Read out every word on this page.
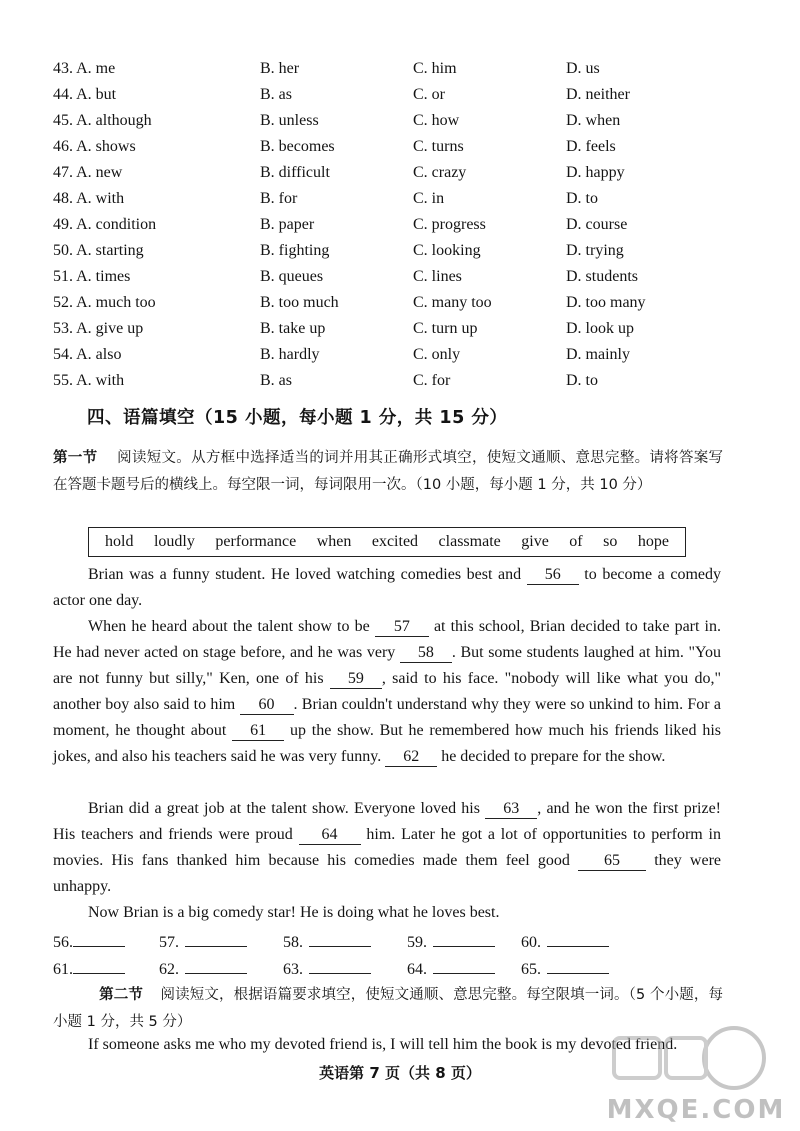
43. A. me	B. her	C. him	D. us
44. A. but	B. as	C. or	D. neither
45. A. although	B. unless	C. how	D. when
46. A. shows	B. becomes	C. turns	D. feels
47. A. new	B. difficult	C. crazy	D. happy
48. A. with	B. for	C. in	D. to
49. A. condition	B. paper	C. progress	D. course
50. A. starting	B. fighting	C. looking	D. trying
51. A. times	B. queues	C. lines	D. students
52. A. much too	B. too much	C. many too	D. too many
53. A. give up	B. take up	C. turn up	D. look up
54. A. also	B. hardly	C. only	D. mainly
55. A. with	B. as	C. for	D. to
四、语篇填空（15 小题，每小题 1 分，共 15 分）
第一节 阅读短文。从方框中选择适当的词并用其正确形式填空，使短文通顺、意思完整。请将答案写在答题卡题号后的横线上。每空限一词，每词限用一次。（10 小题，每小题 1 分，共 10 分）
hold loudly performance when excited classmate give of so hope
Brian was a funny student. He loved watching comedies best and 56 to become a comedy actor one day.
When he heard about the talent show to be 57 at this school, Brian decided to take part in. He had never acted on stage before, and he was very 58 . But some students laughed at him. "You are not funny but silly," Ken, one of his 59 , said to his face. "nobody will like what you do," another boy also said to him 60 . Brian couldn't understand why they were so unkind to him. For a moment, he thought about 61 up the show. But he remembered how much his friends liked his jokes, and also his teachers said he was very funny. 62 he decided to prepare for the show.
Brian did a great job at the talent show. Everyone loved his 63 , and he won the first prize! His teachers and friends were proud 64 him. Later he got a lot of opportunities to perform in movies. His fans thanked him because his comedies made them feel good 65 they were unhappy.
Now Brian is a big comedy star! He is doing what he loves best.
56.	57.	58.	59.	60.
61.	62.	63.	64.	65.
第二节 阅读短文，根据语篇要求填空，使短文通顺、意思完整。每空限填一词。（5 个小题，每小题 1 分，共 5 分）
If someone asks me who my devoted friend is, I will tell him the book is my devoted friend.
英语第 7 页（共 8 页）
MXQE.COM
